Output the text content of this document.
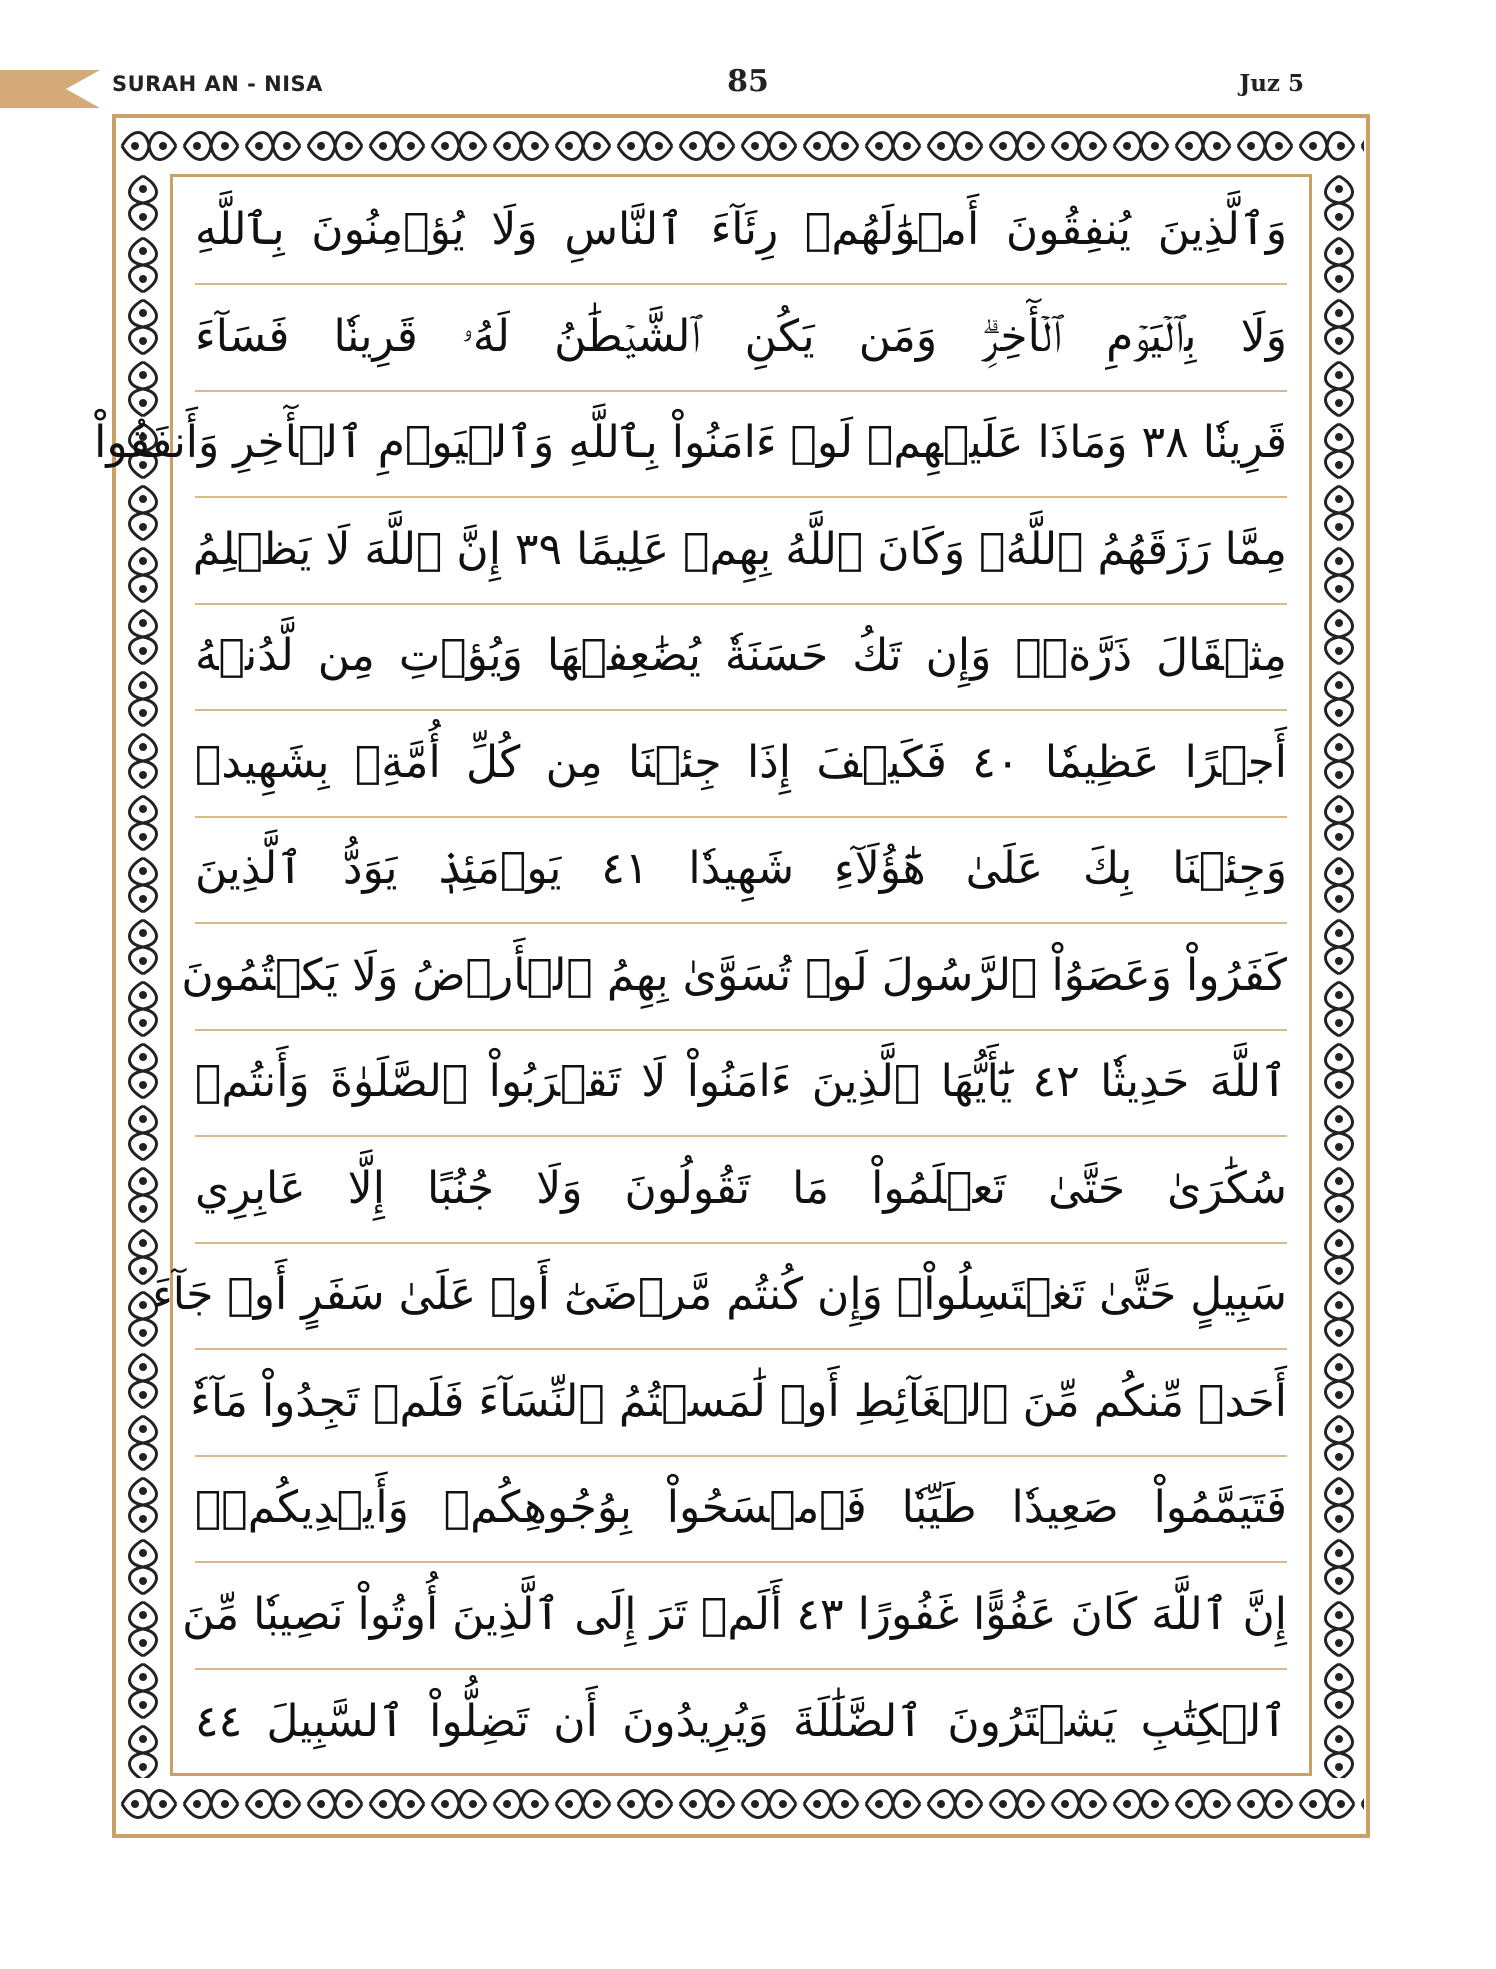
SURAH AN - NISA	85	Juz 5
وَٱلَّذِينَ يُنفِقُونَ أَمۡوَٰلَهُمۡ رِئَآءَ ٱلنَّاسِ وَلَا يُؤۡمِنُونَ بِٱللَّهِ
وَلَا بِٱلۡيَوۡمِ ٱلۡأٓخِرِۗ وَمَن يَكُنِ ٱلشَّيۡطَٰنُ لَهُۥ قَرِينٗا فَسَآءَ
قَرِينٗا ٣٨ وَمَاذَا عَلَيۡهِمۡ لَوۡ ءَامَنُواْ بِٱللَّهِ وَٱلۡيَوۡمِ ٱلۡأٓخِرِ وَأَنفَقُواْ
مِمَّا رَزَقَهُمُ ٱللَّهُۚ وَكَانَ ٱللَّهُ بِهِمۡ عَلِيمًا ٣٩ إِنَّ ٱللَّهَ لَا يَظۡلِمُ
مِثۡقَالَ ذَرَّةٖۖ وَإِن تَكُ حَسَنَةٗ يُضَٰعِفۡهَا وَيُؤۡتِ مِن لَّدُنۡهُ
أَجۡرًا عَظِيمٗا ٤٠ فَكَيۡفَ إِذَا جِئۡنَا مِن كُلِّ أُمَّةِۭ بِشَهِيدٖ
وَجِئۡنَا بِكَ عَلَىٰ هَٰٓؤُلَآءِ شَهِيدٗا ٤١ يَوۡمَئِذٖ يَوَدُّ ٱلَّذِينَ
كَفَرُواْ وَعَصَوُاْ ٱلرَّسُولَ لَوۡ تُسَوَّىٰ بِهِمُ ٱلۡأَرۡضُ وَلَا يَكۡتُمُونَ
ٱللَّهَ حَدِيثٗا ٤٢ يَٰٓأَيُّهَا ٱلَّذِينَ ءَامَنُواْ لَا تَقۡرَبُواْ ٱلصَّلَوٰةَ وَأَنتُمۡ
سُكَٰرَىٰ حَتَّىٰ تَعۡلَمُواْ مَا تَقُولُونَ وَلَا جُنُبًا إِلَّا عَابِرِي
سَبِيلٍ حَتَّىٰ تَغۡتَسِلُواْۚ وَإِن كُنتُم مَّرۡضَىٰٓ أَوۡ عَلَىٰ سَفَرٍ أَوۡ جَآءَ
أَحَدٞ مِّنكُم مِّنَ ٱلۡغَآئِطِ أَوۡ لَٰمَسۡتُمُ ٱلنِّسَآءَ فَلَمۡ تَجِدُواْ مَآءٗ
فَتَيَمَّمُواْ صَعِيدٗا طَيِّبٗا فَٱمۡسَحُواْ بِوُجُوهِكُمۡ وَأَيۡدِيكُمۡۗ
إِنَّ ٱللَّهَ كَانَ عَفُوًّا غَفُورًا ٤٣ أَلَمۡ تَرَ إِلَى ٱلَّذِينَ أُوتُواْ نَصِيبٗا مِّنَ
ٱلۡكِتَٰبِ يَشۡتَرُونَ ٱلضَّلَٰلَةَ وَيُرِيدُونَ أَن تَضِلُّواْ ٱلسَّبِيلَ ٤٤
